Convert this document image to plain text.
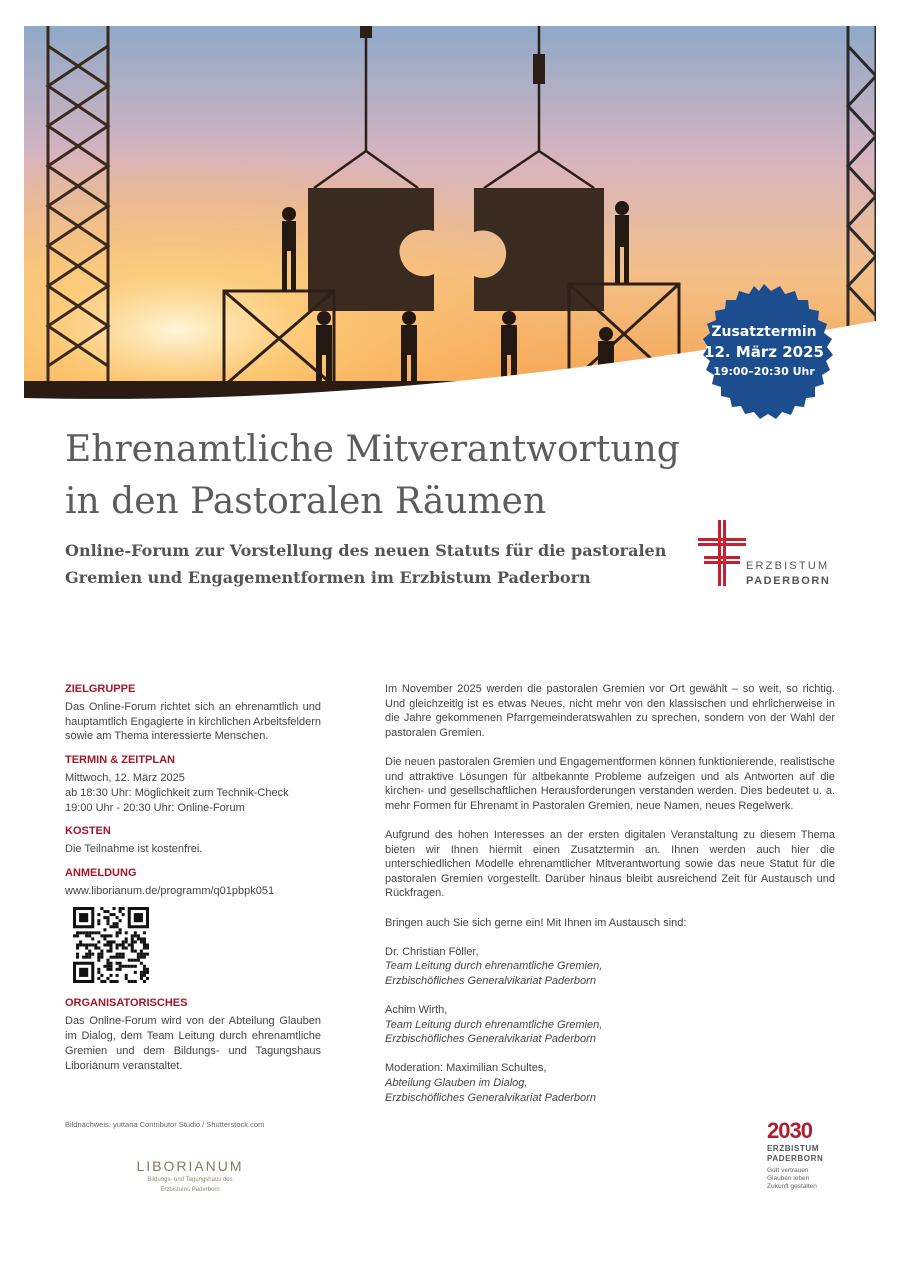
Zusatztermin
12. März 2025
19:00–20:30 Uhr
Ehrenamtliche Mitverantwortung
in den Pastoralen Räumen
Online-Forum zur Vorstellung des neuen Statuts für die pastoralen
Gremien und Engagementformen im Erzbistum Paderborn
ERZBISTUM
PADERBORN
ZIELGRUPPE
Das Online-Forum richtet sich an ehrenamtlich und hauptamtlich Engagierte in kirchlichen Arbeitsfeldern sowie am Thema interessierte Menschen.
TERMIN & ZEITPLAN
Mittwoch, 12. März 2025
ab 18:30 Uhr: Möglichkeit zum Technik-Check
19:00 Uhr - 20:30 Uhr: Online-Forum
KOSTEN
Die Teilnahme ist kostenfrei.
ANMELDUNG
www.liborianum.de/programm/q01pbpk051
ORGANISATORISCHES
Das Online-Forum wird von der Abteilung Glauben im Dialog, dem Team Leitung durch ehrenamtliche Gremien und dem Bildungs- und Tagungshaus Liborianum veranstaltet.
Bildnachweis: yuttana Contributor Studio / Shutterstock.com
LIBORIANUM
Bildungs- und Tagungshaus des
Erzbistums Paderborn

Im November 2025 werden die pastoralen Gremien vor Ort gewählt – so weit, so richtig. Und gleichzeitig ist es etwas Neues, nicht mehr von den klassischen und ehrlicherweise in die Jahre gekommenen Pfarrgemeinderatswahlen zu sprechen, sondern von der Wahl der pastoralen Gremien.

Die neuen pastoralen Gremien und Engagementformen können funktionierende, realistische und attraktive Lösungen für altbekannte Probleme aufzeigen und als Antworten auf die kirchen- und gesellschaftlichen Herausforderungen verstanden werden. Dies bedeutet u. a. mehr Formen für Ehrenamt in Pastoralen Gremien, neue Namen, neues Regelwerk.

Aufgrund des hohen Interesses an der ersten digitalen Veranstaltung zu diesem Thema bieten wir Ihnen hiermit einen Zusatztermin an. Ihnen werden auch hier die unterschiedlichen Modelle ehrenamtlicher Mitverantwortung sowie das neue Statut für die pastoralen Gremien vorgestellt. Darüber hinaus bleibt ausreichend Zeit für Austausch und Rückfragen.

Bringen auch Sie sich gerne ein! Mit Ihnen im Austausch sind:

Dr. Christian Föller,
Team Leitung durch ehrenamtliche Gremien,
Erzbischöfliches Generalvikariat Paderborn
Achim Wirth,
Team Leitung durch ehrenamtliche Gremien,
Erzbischöfliches Generalvikariat Paderborn
Moderation: Maximilian Schultes,
Abteilung Glauben im Dialog,
Erzbischöfliches Generalvikariat Paderborn
2030
ERZBISTUM
PADERBORN
Gott vertrauen
Glauben leben
Zukunft gestalten
